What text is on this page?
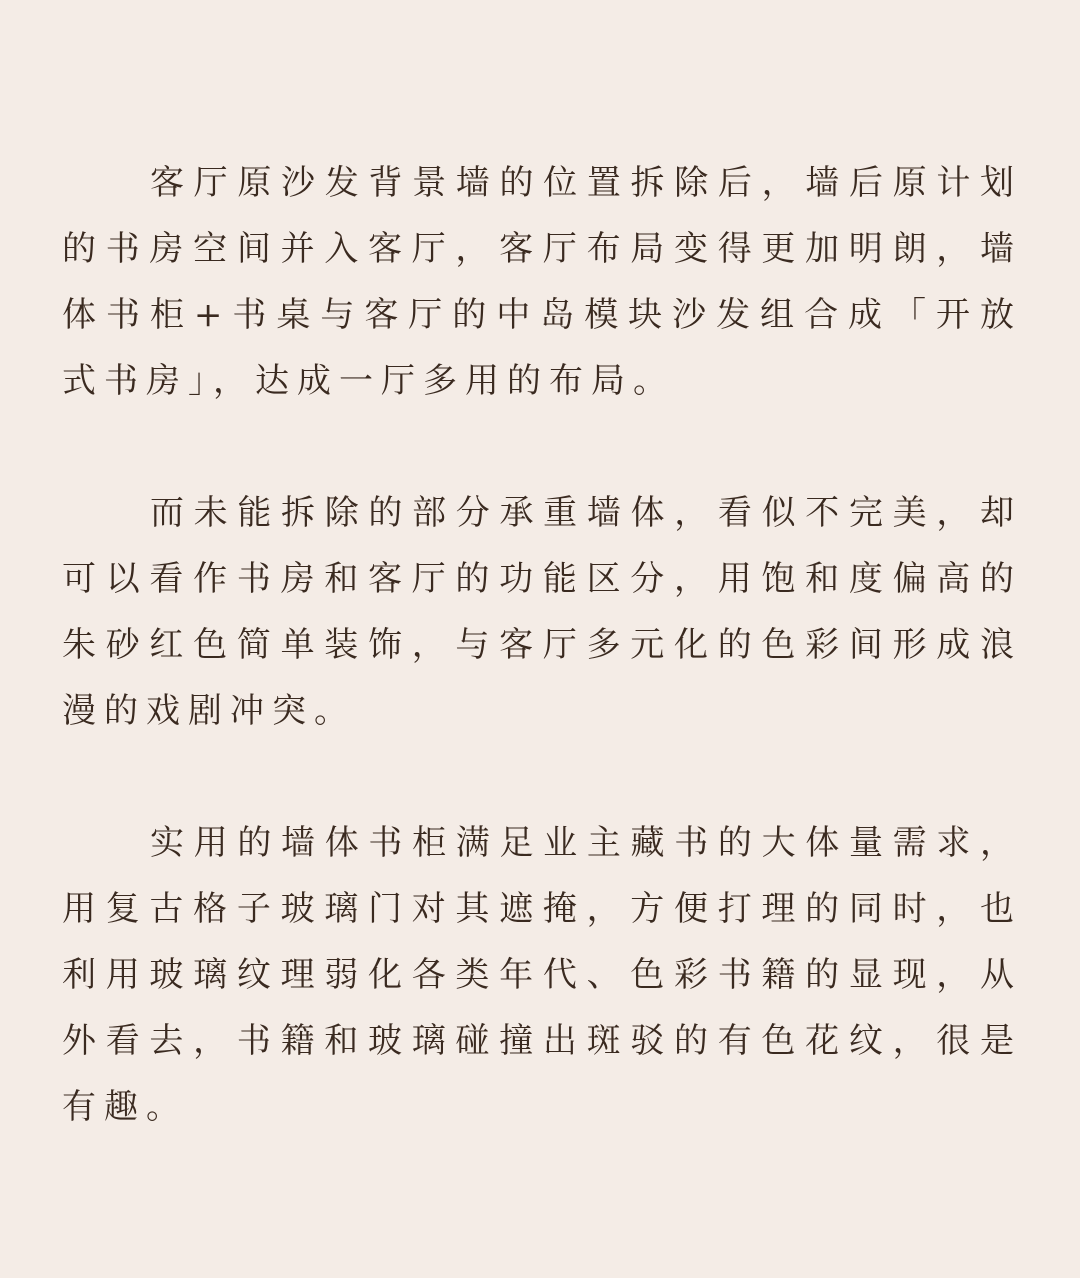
客厅原沙发背景墙的位置拆除后，墙后原计划的书房空间并入客厅，客厅布局变得更加明朗，墙体书柜+书桌与客厅的中岛模块沙发组合成「开放式书房」，达成一厅多用的布局。

而未能拆除的部分承重墙体，看似不完美，却可以看作书房和客厅的功能区分，用饱和度偏高的朱砂红色简单装饰，与客厅多元化的色彩间形成浪漫的戏剧冲突。

实用的墙体书柜满足业主藏书的大体量需求，用复古格子玻璃门对其遮掩，方便打理的同时，也利用玻璃纹理弱化各类年代、色彩书籍的显现，从外看去，书籍和玻璃碰撞出斑驳的有色花纹，很是有趣。
